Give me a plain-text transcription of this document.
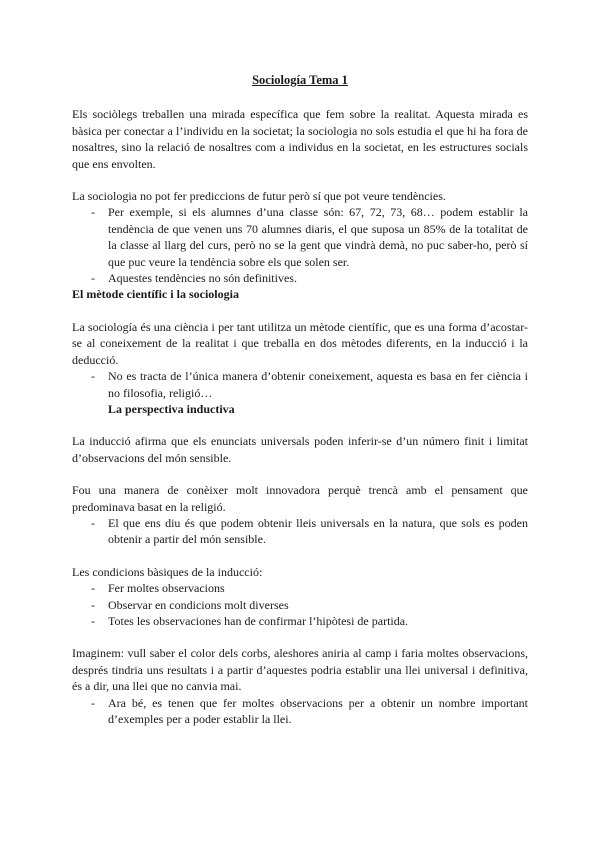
Sociología Tema 1

Els sociòlegs treballen una mirada específica que fem sobre la realitat. Aquesta mirada es bàsica per conectar a l’individu en la societat; la sociologia no sols estudia el que hi ha fora de nosaltres, sino la relació de nosaltres com a individus en la societat, en les estructures socials que ens envolten.

La sociologia no pot fer prediccions de futur però sí que pot veure tendències.

- Per exemple, si els alumnes d’una classe són: 67, 72, 73, 68… podem establir la tendència de que venen uns 70 alumnes diaris, el que suposa un 85% de la totalitat de la classe al llarg del curs, però no se la gent que vindrà demà, no puc saber-ho, però sí que puc veure la tendència sobre els que solen ser.
- Aquestes tendències no són definitives.

El mètode científic i la sociologia

La sociología és una ciència i per tant utilitza un mètode científic, que es una forma d’acostar-se al coneixement de la realitat i que treballa en dos mètodes diferents, en la inducció i la deducció.

- No es tracta de l’única manera d’obtenir coneixement, aquesta es basa en fer ciència i no filosofia, religió…

La perspectiva inductiva

La inducció afirma que els enunciats universals poden inferir-se d’un número finit i limitat d’observacions del món sensible.

Fou una manera de conèixer molt innovadora perquè trencà amb el pensament que predominava basat en la religió.

- El que ens diu és que podem obtenir lleis universals en la natura, que sols es poden obtenir a partir del món sensible.

Les condicions bàsiques de la inducció:

- Fer moltes observacions
- Observar en condicions molt diverses
- Totes les observaciones han de confirmar l’hipòtesi de partida.

Imaginem: vull saber el color dels corbs, aleshores aniria al camp i faria moltes observacions, després tindria uns resultats i a partir d’aquestes podria establir una llei universal i definitiva, és a dir, una llei que no canvia mai.

- Ara bé, es tenen que fer moltes observacions per a obtenir un nombre important d’exemples per a poder establir la llei.
